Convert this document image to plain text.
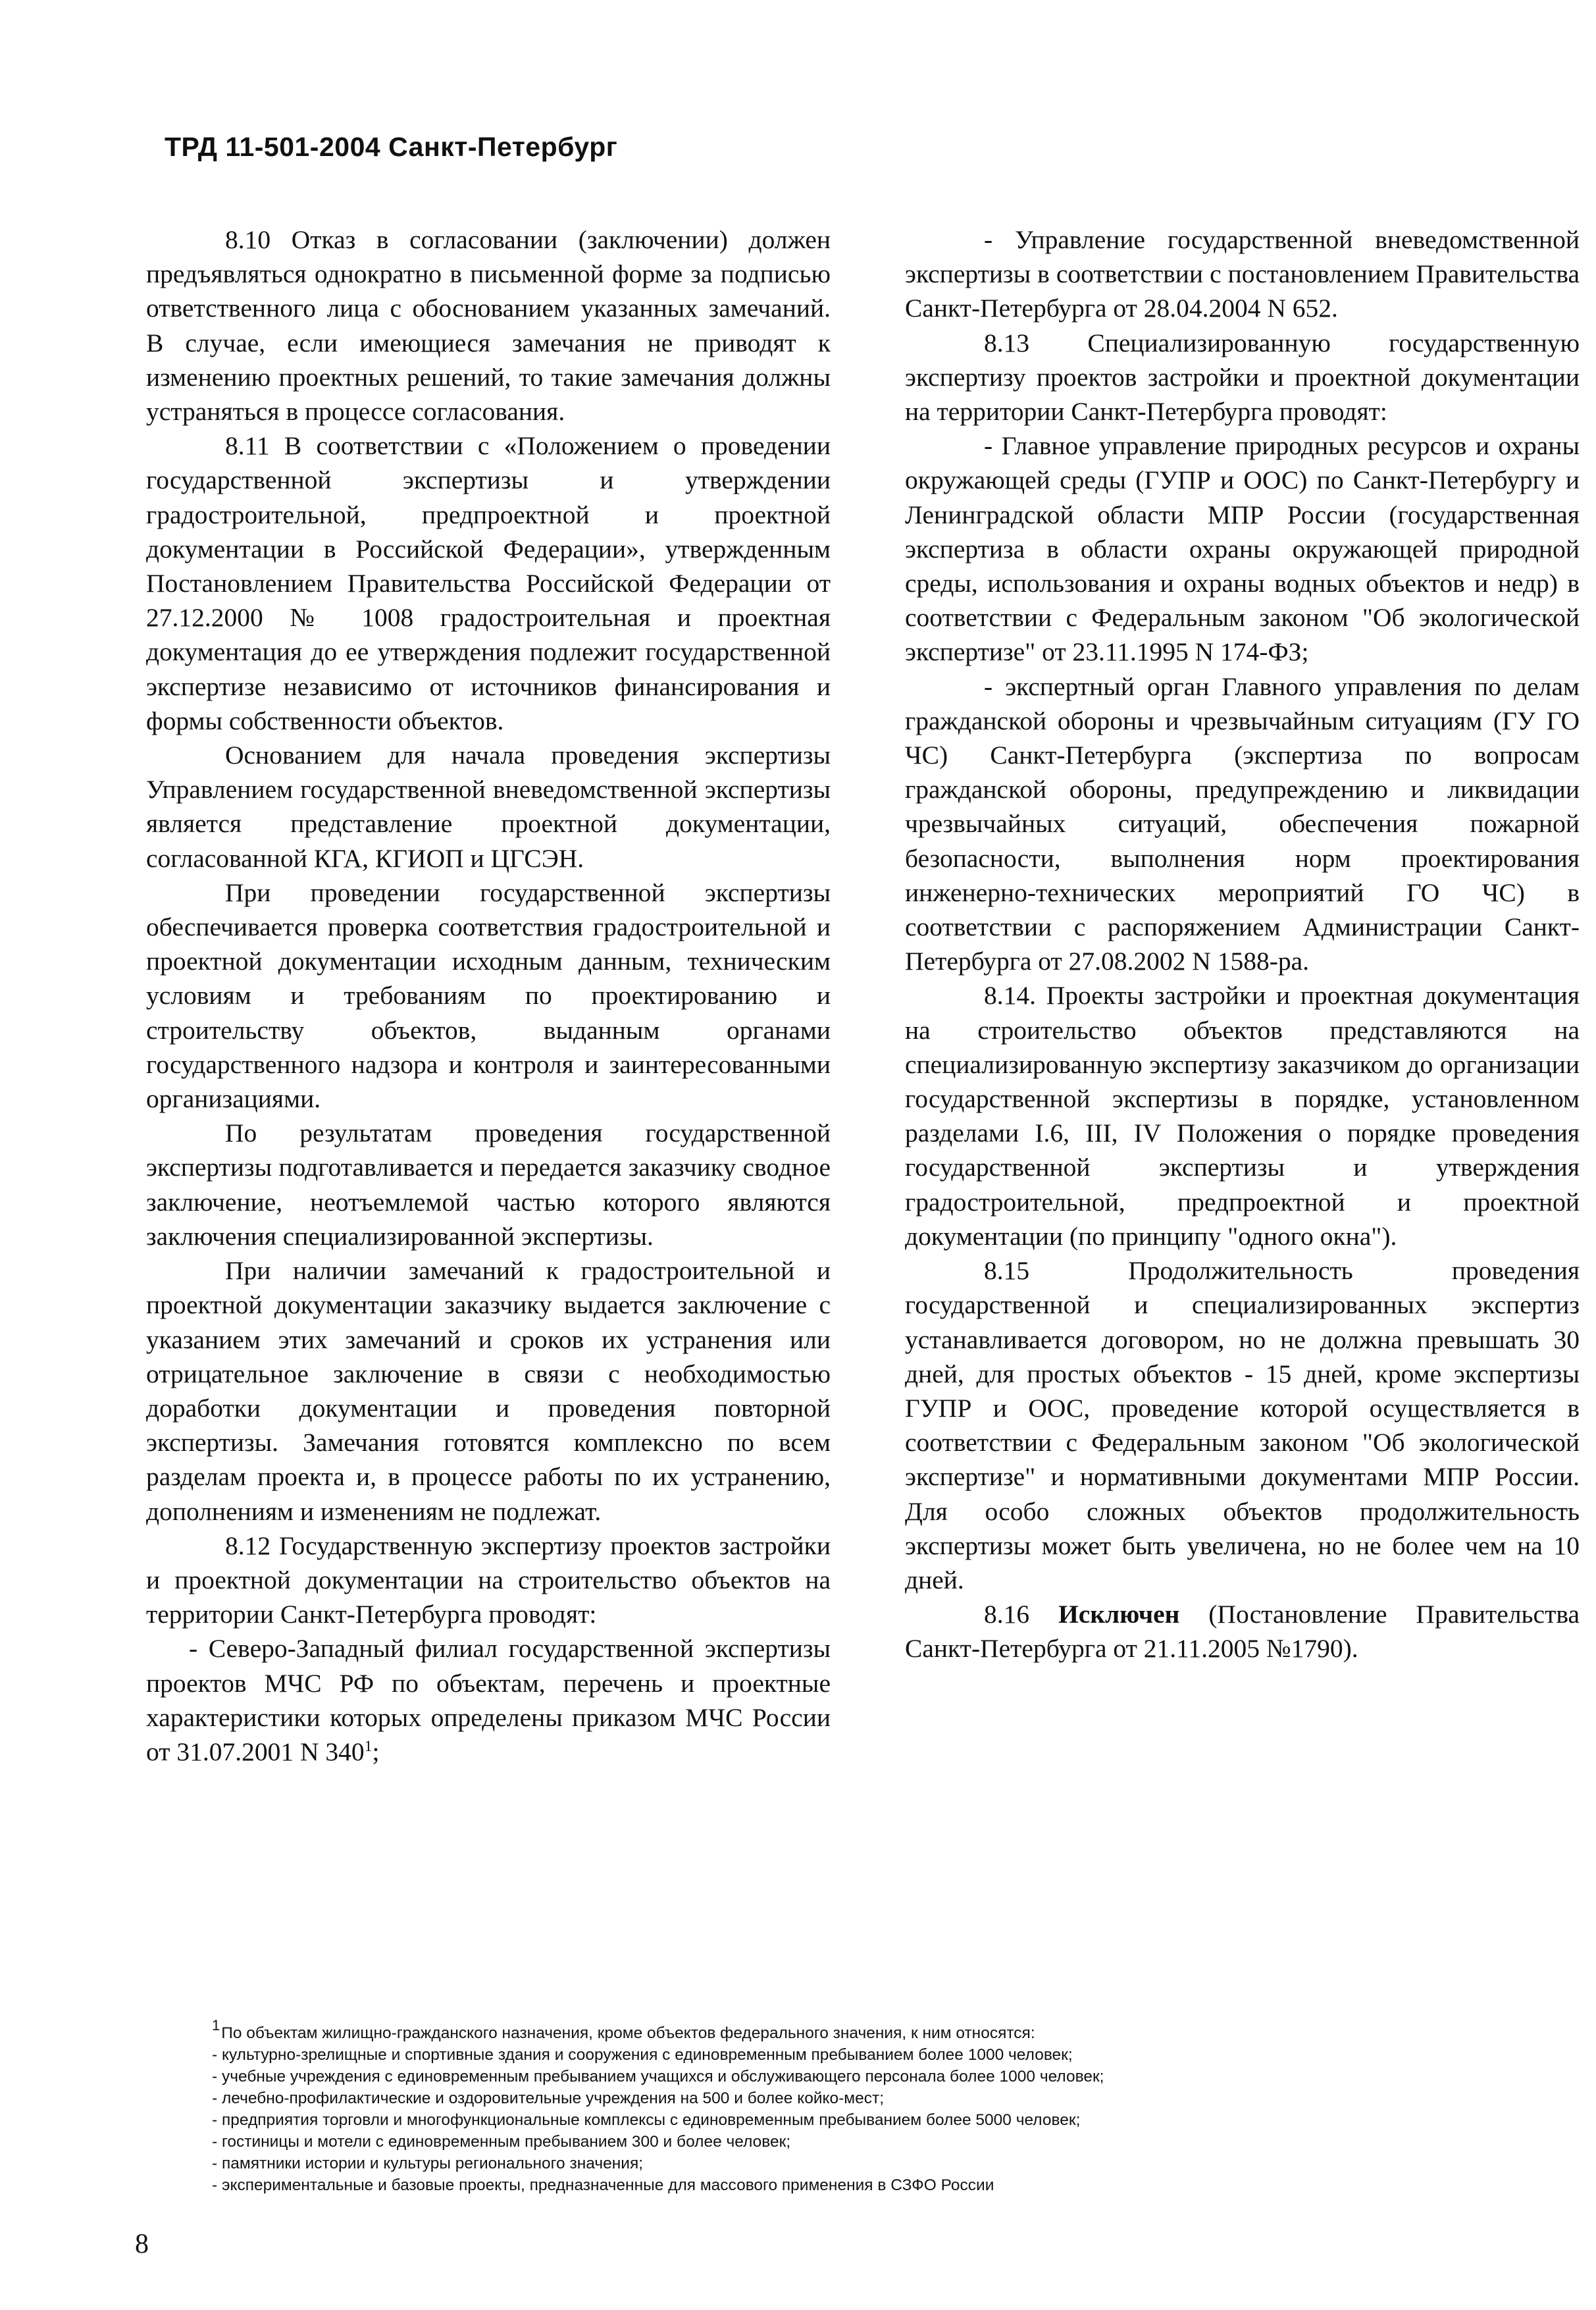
ТРД 11-501-2004 Санкт-Петербург

8.10 Отказ в согласовании (заключении) должен предъявляться однократно в письменной форме за подписью ответственного лица с обоснованием указанных замечаний. В случае, если имеющиеся замечания не приводят к изменению проектных решений, то такие замечания должны устраняться в процессе согласования.

8.11 В соответствии с «Положением о проведении государственной экспертизы и утверждении градостроительной, предпроектной и проектной документации в Российской Федерации», утвержденным Постановлением Правительства Российской Федерации от 27.12.2000 № 1008 градостроительная и проектная документация до ее утверждения подлежит государственной экспертизе независимо от источников финансирования и формы собственности объектов.

Основанием для начала проведения экспертизы Управлением государственной вневедомственной экспертизы является представление проектной документации, согласованной КГА, КГИОП и ЦГСЭН.

При проведении государственной экспертизы обеспечивается проверка соответствия градостроительной и проектной документации исходным данным, техническим условиям и требованиям по проектированию и строительству объектов, выданным органами государственного надзора и контроля и заинтересованными организациями.

По результатам проведения государственной экспертизы подготавливается и передается заказчику сводное заключение, неотъемлемой частью которого являются заключения специализированной экспертизы.

При наличии замечаний к градостроительной и проектной документации заказчику выдается заключение с указанием этих замечаний и сроков их устранения или отрицательное заключение в связи с необходимостью доработки документации и проведения повторной экспертизы. Замечания готовятся комплексно по всем разделам проекта и, в процессе работы по их устранению, дополнениям и изменениям не подлежат.

8.12 Государственную экспертизу проектов застройки и проектной документации на строительство объектов на территории Санкт-Петербурга проводят:

- Северо-Западный филиал государственной экспертизы проектов МЧС РФ по объектам, перечень и проектные характеристики которых определены приказом МЧС России от 31.07.2001 N $340^1$;

- Управление государственной вневедомственной экспертизы в соответствии с постановлением Правительства Санкт-Петербурга от 28.04.2004 N 652.

8.13 Специализированную государственную экспертизу проектов застройки и проектной документации на территории Санкт-Петербурга проводят:

- Главное управление природных ресурсов и охраны окружающей среды (ГУПР и ООС) по Санкт-Петербургу и Ленинградской области МПР России (государственная экспертиза в области охраны окружающей природной среды, использования и охраны водных объектов и недр) в соответствии с Федеральным законом "Об экологической экспертизе" от 23.11.1995 N 174-ФЗ;

- экспертный орган Главного управления по делам гражданской обороны и чрезвычайным ситуациям (ГУ ГО ЧС) Санкт-Петербурга (экспертиза по вопросам гражданской обороны, предупреждению и ликвидации чрезвычайных ситуаций, обеспечения пожарной безопасности, выполнения норм проектирования инженерно-технических мероприятий ГО ЧС) в соответствии с распоряжением Администрации Санкт-Петербурга от 27.08.2002 N 1588-ра.

8.14. Проекты застройки и проектная документация на строительство объектов представляются на специализированную экспертизу заказчиком до организации государственной экспертизы в порядке, установленном разделами I.6, III, IV Положения о порядке проведения государственной экспертизы и утверждения градостроительной, предпроектной и проектной документации (по принципу "одного окна").

8.15 Продолжительность проведения государственной и специализированных экспертиз устанавливается договором, но не должна превышать 30 дней, для простых объектов - 15 дней, кроме экспертизы ГУПР и ООС, проведение которой осуществляется в соответствии с Федеральным законом "Об экологической экспертизе" и нормативными документами МПР России. Для особо сложных объектов продолжительность экспертизы может быть увеличена, но не более чем на 10 дней.

8.16 Исключен (Постановление Правительства Санкт-Петербурга от 21.11.2005 №1790).

1По объектам жилищно-гражданского назначения, кроме объектов федерального значения, к ним относятся:
- культурно-зрелищные и спортивные здания и сооружения с единовременным пребыванием более 1000 человек;
- учебные учреждения с единовременным пребыванием учащихся и обслуживающего персонала более 1000 человек;
- лечебно-профилактические и оздоровительные учреждения на 500 и более койко-мест;
- предприятия торговли и многофункциональные комплексы с единовременным пребыванием более 5000 человек;
- гостиницы и мотели с единовременным пребыванием 300 и более человек;
- памятники истории и культуры регионального значения;
- экспериментальные и базовые проекты, предназначенные для массового применения в СЗФО России
8
